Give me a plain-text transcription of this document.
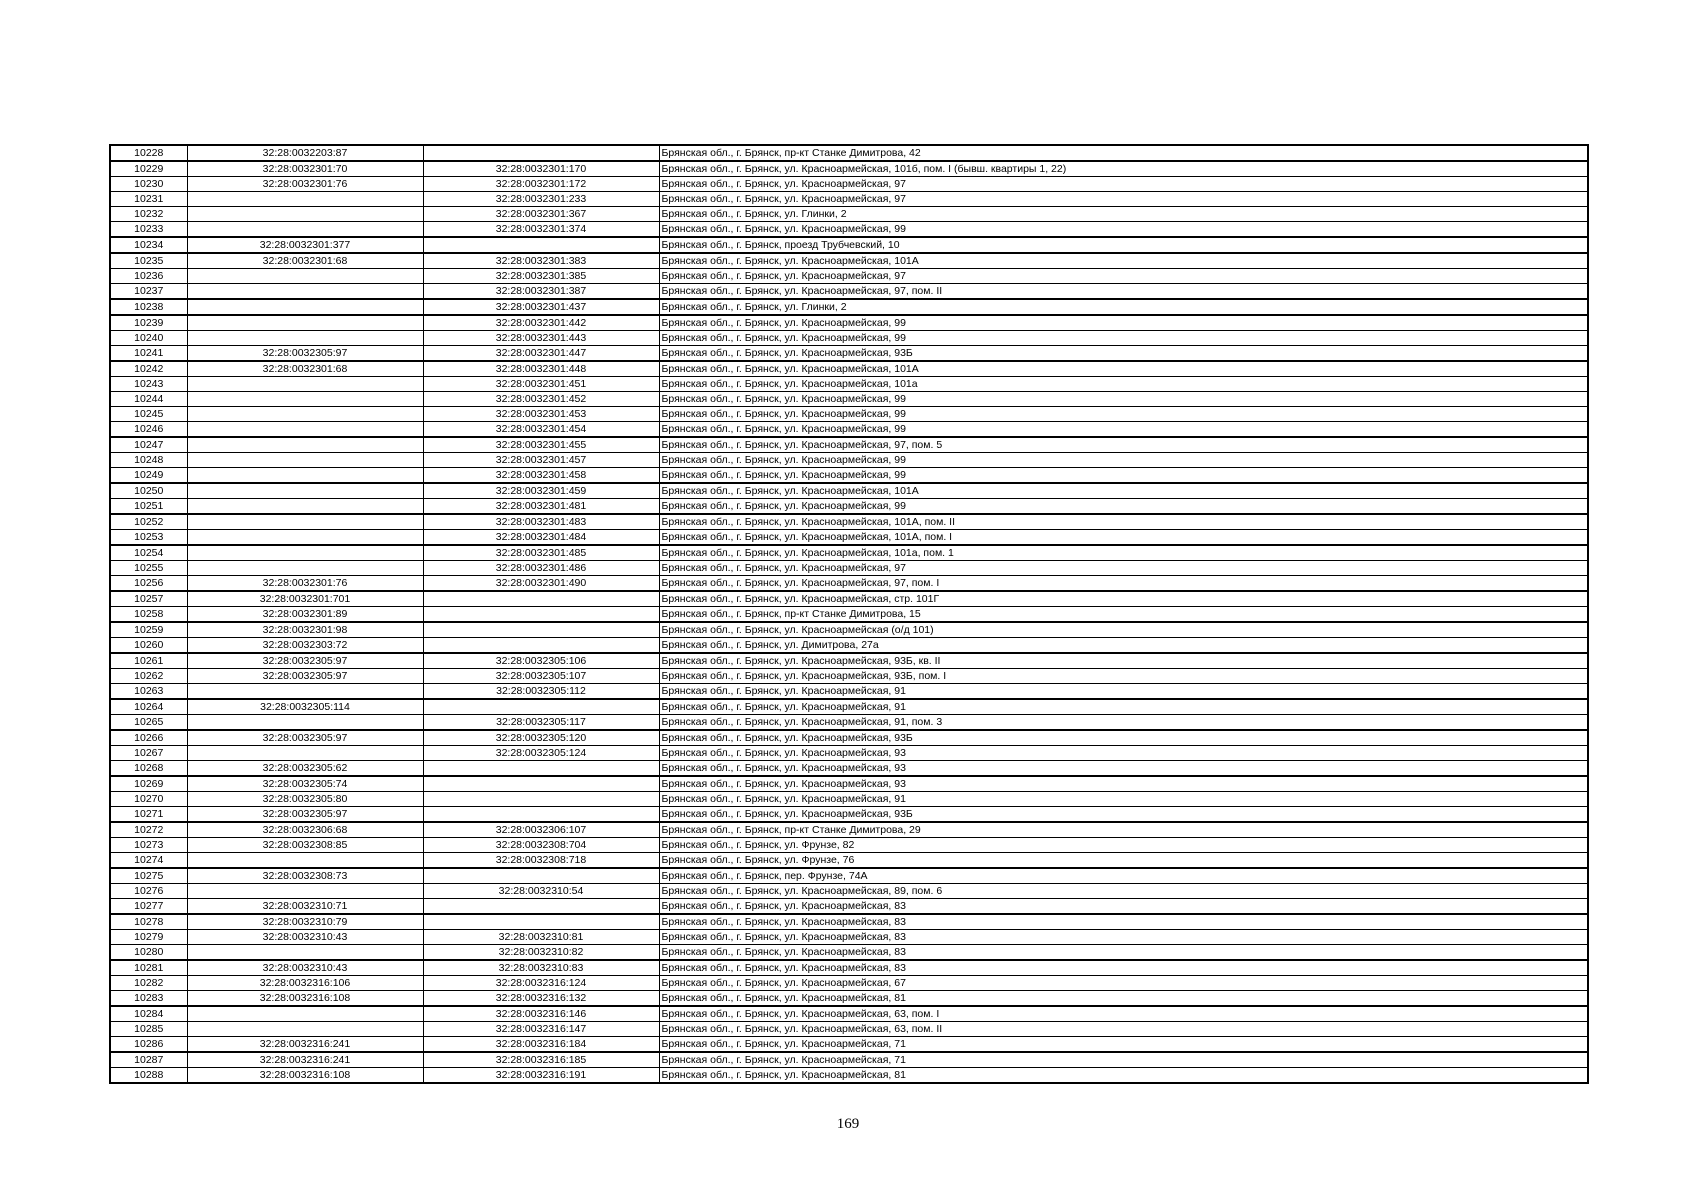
10228	32:28:0032203:87		Брянская обл., г. Брянск, пр-кт Станке Димитрова, 42
10229	32:28:0032301:70	32:28:0032301:170	Брянская обл., г. Брянск, ул. Красноармейская, 101б, пом. I (бывш. квартиры 1, 22)
10230	32:28:0032301:76	32:28:0032301:172	Брянская обл., г. Брянск, ул. Красноармейская, 97
10231		32:28:0032301:233	Брянская обл., г. Брянск, ул. Красноармейская, 97
10232		32:28:0032301:367	Брянская обл., г. Брянск, ул. Глинки, 2
10233		32:28:0032301:374	Брянская обл., г. Брянск, ул. Красноармейская, 99
10234	32:28:0032301:377		Брянская обл., г. Брянск, проезд Трубчевский, 10
10235	32:28:0032301:68	32:28:0032301:383	Брянская обл., г. Брянск, ул. Красноармейская, 101А
10236		32:28:0032301:385	Брянская обл., г. Брянск, ул. Красноармейская, 97
10237		32:28:0032301:387	Брянская обл., г. Брянск, ул. Красноармейская, 97, пом. II
10238		32:28:0032301:437	Брянская обл., г. Брянск, ул. Глинки, 2
10239		32:28:0032301:442	Брянская обл., г. Брянск, ул. Красноармейская, 99
10240		32:28:0032301:443	Брянская обл., г. Брянск, ул. Красноармейская, 99
10241	32:28:0032305:97	32:28:0032301:447	Брянская обл., г. Брянск, ул. Красноармейская, 93Б
10242	32:28:0032301:68	32:28:0032301:448	Брянская обл., г. Брянск, ул. Красноармейская, 101А
10243		32:28:0032301:451	Брянская обл., г. Брянск, ул. Красноармейская, 101а
10244		32:28:0032301:452	Брянская обл., г. Брянск, ул. Красноармейская, 99
10245		32:28:0032301:453	Брянская обл., г. Брянск, ул. Красноармейская, 99
10246		32:28:0032301:454	Брянская обл., г. Брянск, ул. Красноармейская, 99
10247		32:28:0032301:455	Брянская обл., г. Брянск, ул. Красноармейская, 97, пом. 5
10248		32:28:0032301:457	Брянская обл., г. Брянск, ул. Красноармейская, 99
10249		32:28:0032301:458	Брянская обл., г. Брянск, ул. Красноармейская, 99
10250		32:28:0032301:459	Брянская обл., г. Брянск, ул. Красноармейская, 101А
10251		32:28:0032301:481	Брянская обл., г. Брянск, ул. Красноармейская, 99
10252		32:28:0032301:483	Брянская обл., г. Брянск, ул. Красноармейская, 101А, пом. II
10253		32:28:0032301:484	Брянская обл., г. Брянск, ул. Красноармейская, 101А, пом. I
10254		32:28:0032301:485	Брянская обл., г. Брянск, ул. Красноармейская, 101а, пом. 1
10255		32:28:0032301:486	Брянская обл., г. Брянск, ул. Красноармейская, 97
10256	32:28:0032301:76	32:28:0032301:490	Брянская обл., г. Брянск, ул. Красноармейская, 97, пом. I
10257	32:28:0032301:701		Брянская обл., г. Брянск, ул. Красноармейская, стр. 101Г
10258	32:28:0032301:89		Брянская обл., г. Брянск, пр-кт Станке Димитрова, 15
10259	32:28:0032301:98		Брянская обл., г. Брянск, ул. Красноармейская (о/д 101)
10260	32:28:0032303:72		Брянская обл., г. Брянск, ул. Димитрова, 27а
10261	32:28:0032305:97	32:28:0032305:106	Брянская обл., г. Брянск, ул. Красноармейская, 93Б, кв. II
10262	32:28:0032305:97	32:28:0032305:107	Брянская обл., г. Брянск, ул. Красноармейская, 93Б, пом. I
10263		32:28:0032305:112	Брянская обл., г. Брянск, ул. Красноармейская, 91
10264	32:28:0032305:114		Брянская обл., г. Брянск, ул. Красноармейская, 91
10265		32:28:0032305:117	Брянская обл., г. Брянск, ул. Красноармейская, 91, пом. 3
10266	32:28:0032305:97	32:28:0032305:120	Брянская обл., г. Брянск, ул. Красноармейская, 93Б
10267		32:28:0032305:124	Брянская обл., г. Брянск, ул. Красноармейская, 93
10268	32:28:0032305:62		Брянская обл., г. Брянск, ул. Красноармейская, 93
10269	32:28:0032305:74		Брянская обл., г. Брянск, ул. Красноармейская, 93
10270	32:28:0032305:80		Брянская обл., г. Брянск, ул. Красноармейская, 91
10271	32:28:0032305:97		Брянская обл., г. Брянск, ул. Красноармейская, 93Б
10272	32:28:0032306:68	32:28:0032306:107	Брянская обл., г. Брянск, пр-кт Станке Димитрова, 29
10273	32:28:0032308:85	32:28:0032308:704	Брянская обл., г. Брянск, ул. Фрунзе, 82
10274		32:28:0032308:718	Брянская обл., г. Брянск, ул. Фрунзе, 76
10275	32:28:0032308:73		Брянская обл., г. Брянск, пер. Фрунзе, 74А
10276		32:28:0032310:54	Брянская обл., г. Брянск, ул. Красноармейская, 89, пом. 6
10277	32:28:0032310:71		Брянская обл., г. Брянск, ул. Красноармейская, 83
10278	32:28:0032310:79		Брянская обл., г. Брянск, ул. Красноармейская, 83
10279	32:28:0032310:43	32:28:0032310:81	Брянская обл., г. Брянск, ул. Красноармейская, 83
10280		32:28:0032310:82	Брянская обл., г. Брянск, ул. Красноармейская, 83
10281	32:28:0032310:43	32:28:0032310:83	Брянская обл., г. Брянск, ул. Красноармейская, 83
10282	32:28:0032316:106	32:28:0032316:124	Брянская обл., г. Брянск, ул. Красноармейская, 67
10283	32:28:0032316:108	32:28:0032316:132	Брянская обл., г. Брянск, ул. Красноармейская, 81
10284		32:28:0032316:146	Брянская обл., г. Брянск, ул. Красноармейская, 63, пом. I
10285		32:28:0032316:147	Брянская обл., г. Брянск, ул. Красноармейская, 63, пом. II
10286	32:28:0032316:241	32:28:0032316:184	Брянская обл., г. Брянск, ул. Красноармейская, 71
10287	32:28:0032316:241	32:28:0032316:185	Брянская обл., г. Брянск, ул. Красноармейская, 71
10288	32:28:0032316:108	32:28:0032316:191	Брянская обл., г. Брянск, ул. Красноармейская, 81
169
